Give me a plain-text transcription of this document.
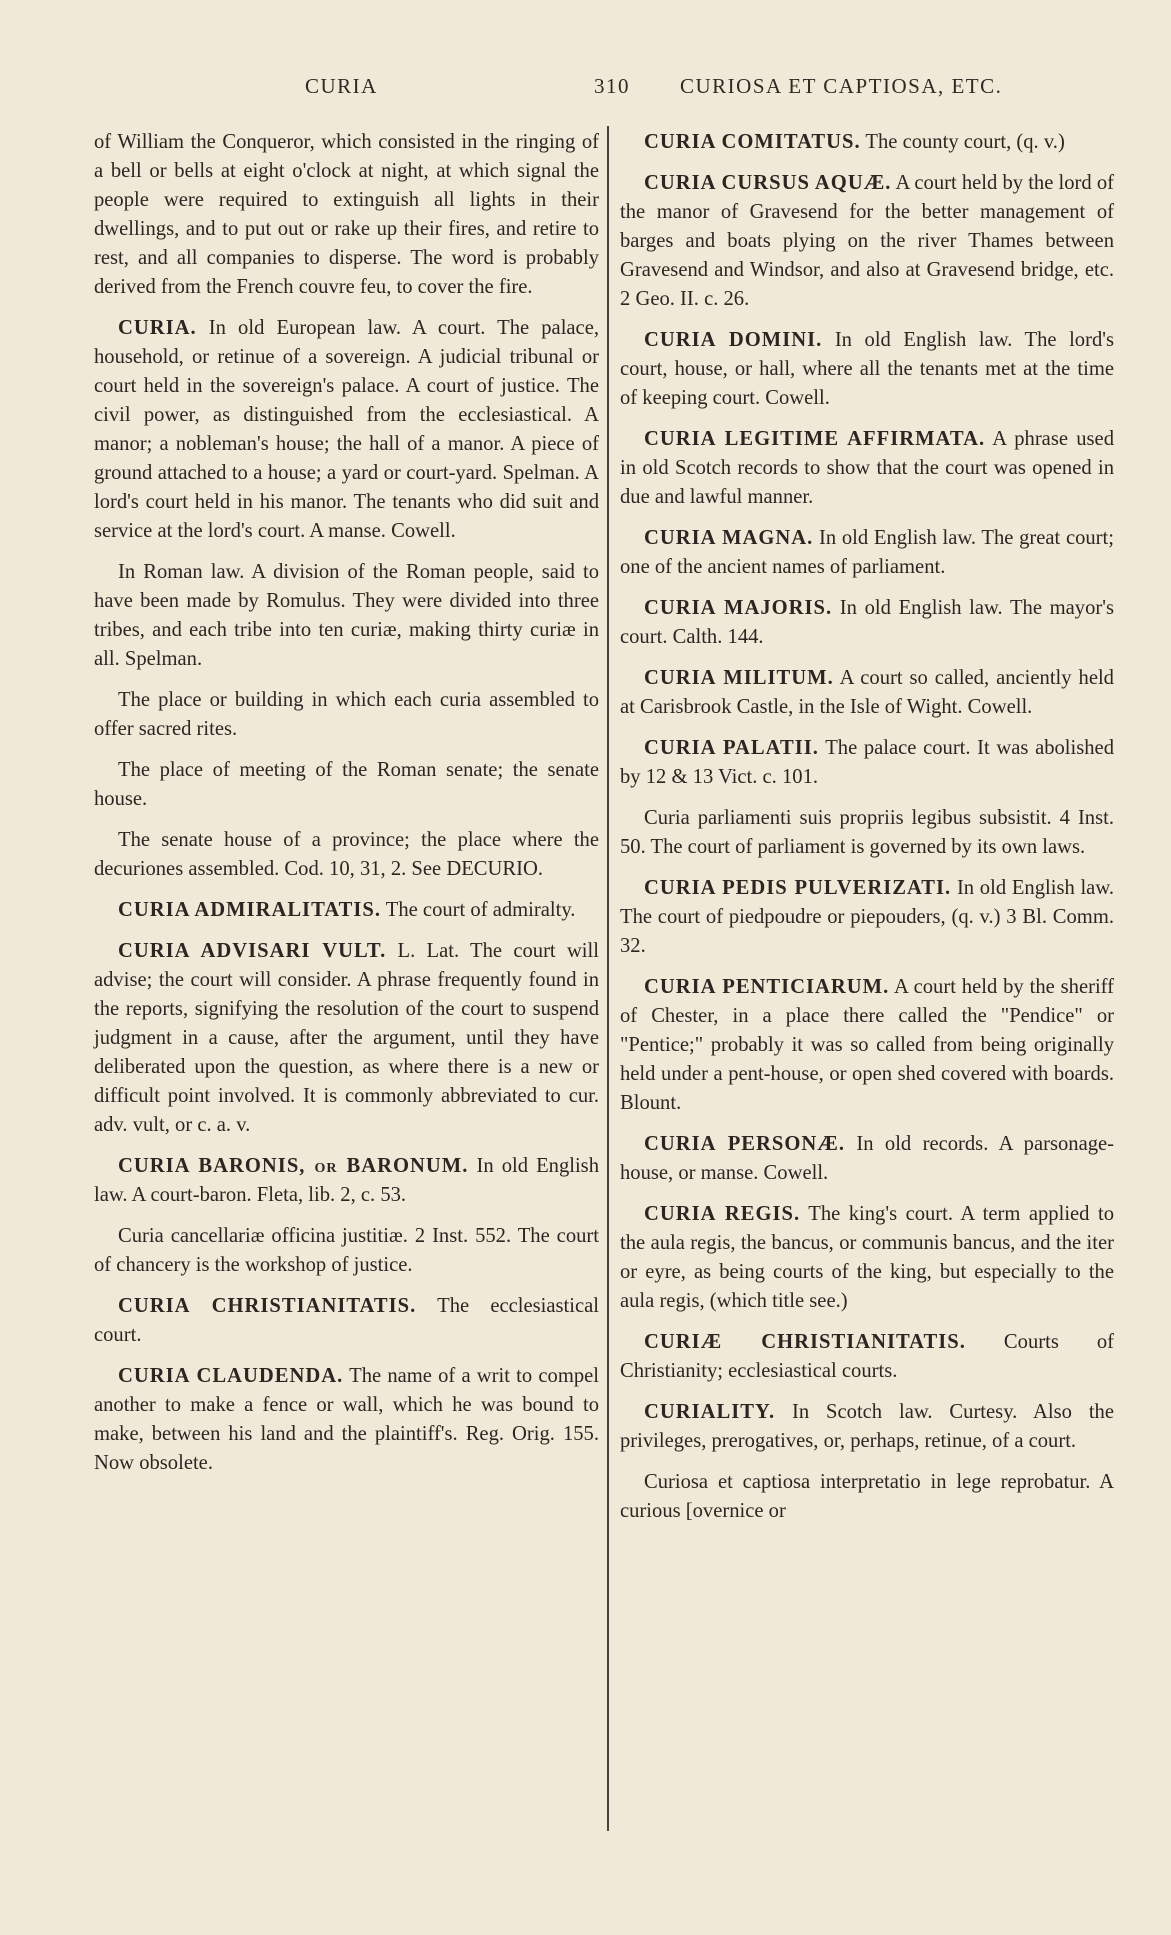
CURIA	310 CURIOSA ET CAPTIOSA, ETC.

of William the Conqueror, which consisted in the ringing of a bell or bells at eight o'clock at night, at which signal the people were required to extinguish all lights in their dwellings, and to put out or rake up their fires, and retire to rest, and all companies to disperse. The word is probably derived from the French couvre feu, to cover the fire.

CURIA. In old European law. A court. The palace, household, or retinue of a sovereign. A judicial tribunal or court held in the sovereign's palace. A court of justice. The civil power, as distinguished from the ecclesiastical. A manor; a nobleman's house; the hall of a manor. A piece of ground attached to a house; a yard or court-yard. Spelman. A lord's court held in his manor. The tenants who did suit and service at the lord's court. A manse. Cowell.

In Roman law. A division of the Roman people, said to have been made by Romulus. They were divided into three tribes, and each tribe into ten curiæ, making thirty curiæ in all. Spelman.

The place or building in which each curia assembled to offer sacred rites.

The place of meeting of the Roman senate; the senate house.

The senate house of a province; the place where the decuriones assembled. Cod. 10, 31, 2. See DECURIO.

CURIA ADMIRALITATIS. The court of admiralty.

CURIA ADVISARI VULT. L. Lat. The court will advise; the court will consider. A phrase frequently found in the reports, signifying the resolution of the court to suspend judgment in a cause, after the argument, until they have deliberated upon the question, as where there is a new or difficult point involved. It is commonly abbreviated to cur. adv. vult, or c. a. v.

CURIA BARONIS, or BARONUM. In old English law. A court-baron. Fleta, lib. 2, c. 53.

Curia cancellariæ officina justitiæ. 2 Inst. 552. The court of chancery is the workshop of justice.

CURIA CHRISTIANITATIS. The ecclesiastical court.

CURIA CLAUDENDA. The name of a writ to compel another to make a fence or wall, which he was bound to make, between his land and the plaintiff's. Reg. Orig. 155. Now obsolete.

CURIA COMITATUS. The county court, (q. v.)

CURIA CURSUS AQUÆ. A court held by the lord of the manor of Gravesend for the better management of barges and boats plying on the river Thames between Gravesend and Windsor, and also at Gravesend bridge, etc. 2 Geo. II. c. 26.

CURIA DOMINI. In old English law. The lord's court, house, or hall, where all the tenants met at the time of keeping court. Cowell.

CURIA LEGITIME AFFIRMATA. A phrase used in old Scotch records to show that the court was opened in due and lawful manner.

CURIA MAGNA. In old English law. The great court; one of the ancient names of parliament.

CURIA MAJORIS. In old English law. The mayor's court. Calth. 144.

CURIA MILITUM. A court so called, anciently held at Carisbrook Castle, in the Isle of Wight. Cowell.

CURIA PALATII. The palace court. It was abolished by 12 & 13 Vict. c. 101.

Curia parliamenti suis propriis legibus subsistit. 4 Inst. 50. The court of parliament is governed by its own laws.

CURIA PEDIS PULVERIZATI. In old English law. The court of piedpoudre or piepouders, (q. v.) 3 Bl. Comm. 32.

CURIA PENTICIARUM. A court held by the sheriff of Chester, in a place there called the "Pendice" or "Pentice;" probably it was so called from being originally held under a pent-house, or open shed covered with boards. Blount.

CURIA PERSONÆ. In old records. A parsonage-house, or manse. Cowell.

CURIA REGIS. The king's court. A term applied to the aula regis, the bancus, or communis bancus, and the iter or eyre, as being courts of the king, but especially to the aula regis, (which title see.)

CURIÆ CHRISTIANITATIS. Courts of Christianity; ecclesiastical courts.

CURIALITY. In Scotch law. Curtesy. Also the privileges, prerogatives, or, perhaps, retinue, of a court.

Curiosa et captiosa interpretatio in lege reprobatur. A curious [overnice or
